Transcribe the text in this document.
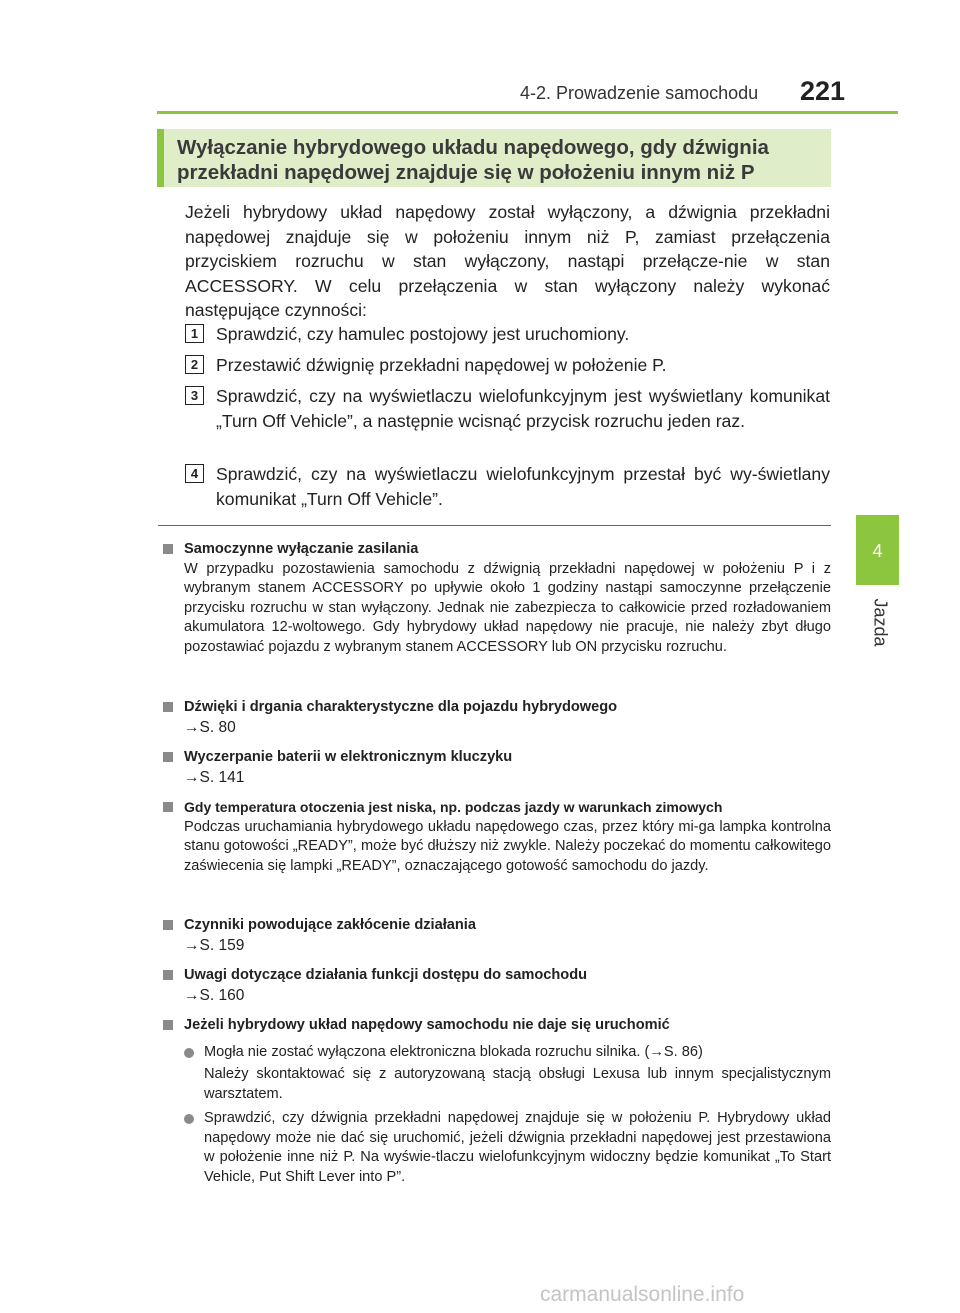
4-2. Prowadzenie samochodu 221
4
Jazda
Wyłączanie hybrydowego układu napędowego, gdy dźwignia przekładni napędowej znajduje się w położeniu innym niż P
Jeżeli hybrydowy układ napędowy został wyłączony, a dźwignia przekładni napędowej znajduje się w położeniu innym niż P, zamiast przełączenia przyciskiem rozruchu w stan wyłączony, nastąpi przełącze-nie w stan ACCESSORY. W celu przełączenia w stan wyłączony należy wykonać następujące czynności:
1	Sprawdzić, czy hamulec postojowy jest uruchomiony.
2	Przestawić dźwignię przekładni napędowej w położenie P.
3	Sprawdzić, czy na wyświetlaczu wielofunkcyjnym jest wyświetlany komunikat „Turn Off Vehicle”, a następnie wcisnąć przycisk rozruchu jeden raz.
4	Sprawdzić, czy na wyświetlaczu wielofunkcyjnym przestał być wy-świetlany komunikat „Turn Off Vehicle”.
Samoczynne wyłączanie zasilania
W przypadku pozostawienia samochodu z dźwignią przekładni napędowej w położeniu P i z wybranym stanem ACCESSORY po upływie około 1 godziny nastąpi samoczynne przełączenie przycisku rozruchu w stan wyłączony. Jednak nie zabezpiecza to całkowicie przed rozładowaniem akumulatora 12-woltowego. Gdy hybrydowy układ napędowy nie pracuje, nie należy zbyt długo pozostawiać pojazdu z wybranym stanem ACCESSORY lub ON przycisku rozruchu.
Dźwięki i drgania charakterystyczne dla pojazdu hybrydowego
→S. 80
Wyczerpanie baterii w elektronicznym kluczyku
→S. 141
Gdy temperatura otoczenia jest niska, np. podczas jazdy w warunkach zimowych
Podczas uruchamiania hybrydowego układu napędowego czas, przez który mi-ga lampka kontrolna stanu gotowości „READY”, może być dłuższy niż zwykle. Należy poczekać do momentu całkowitego zaświecenia się lampki „READY”, oznaczającego gotowość samochodu do jazdy.
Czynniki powodujące zakłócenie działania
→S. 159
Uwagi dotyczące działania funkcji dostępu do samochodu
→S. 160
Jeżeli hybrydowy układ napędowy samochodu nie daje się uruchomić
Mogła nie zostać wyłączona elektroniczna blokada rozruchu silnika. (→S. 86)
Należy skontaktować się z autoryzowaną stacją obsługi Lexusa lub innym specjalistycznym warsztatem.
Sprawdzić, czy dźwignia przekładni napędowej znajduje się w położeniu P. Hybrydowy układ napędowy może nie dać się uruchomić, jeżeli dźwignia przekładni napędowej jest przestawiona w położenie inne niż P. Na wyświe-tlaczu wielofunkcyjnym widoczny będzie komunikat „To Start Vehicle, Put Shift Lever into P”.
carmanualsonline.info
